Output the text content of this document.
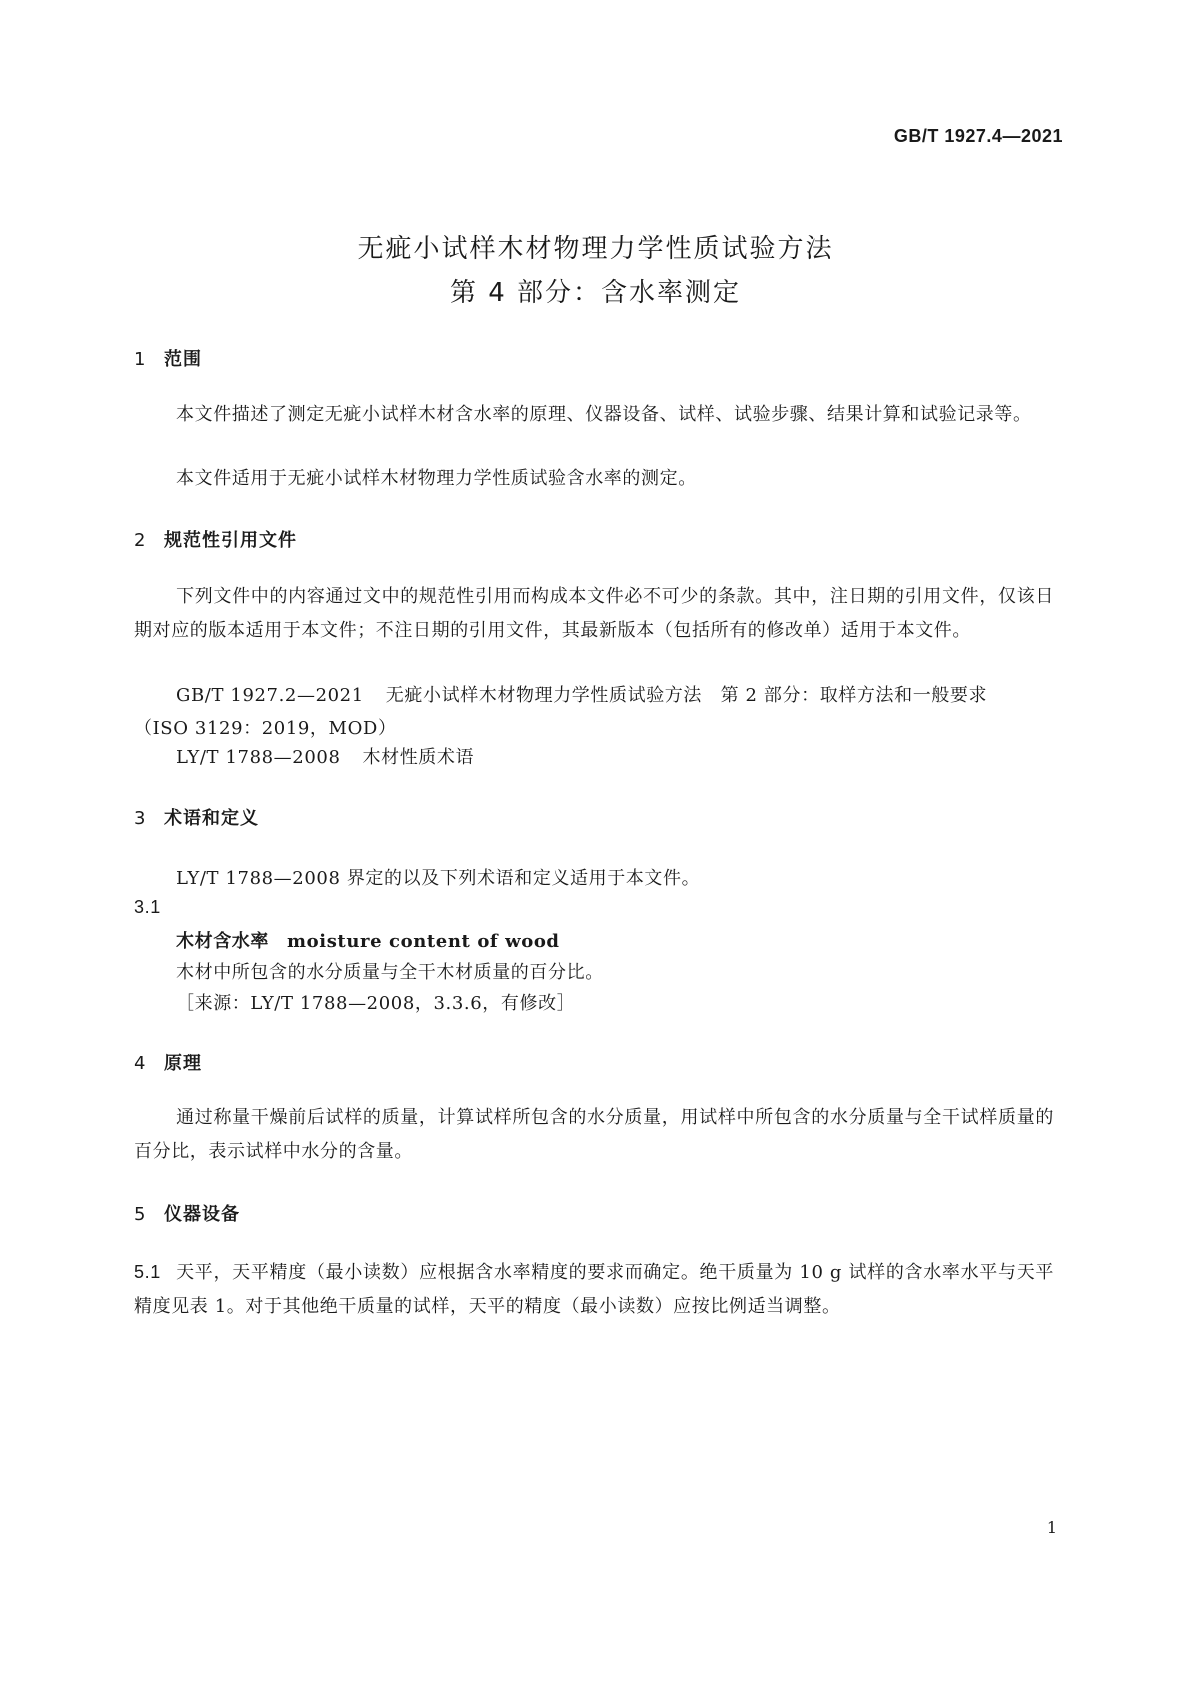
GB/T 1927.4—2021
无疵小试样木材物理力学性质试验方法
第 4 部分：含水率测定
1 范围
本文件描述了测定无疵小试样木材含水率的原理、仪器设备、试样、试验步骤、结果计算和试验记录等。
本文件适用于无疵小试样木材物理力学性质试验含水率的测定。
2 规范性引用文件
下列文件中的内容通过文中的规范性引用而构成本文件必不可少的条款。其中，注日期的引用文件，仅该日期对应的版本适用于本文件；不注日期的引用文件，其最新版本（包括所有的修改单）适用于本文件。
GB/T 1927.2—2021 无疵小试样木材物理力学性质试验方法　第 2 部分：取样方法和一般要求
（ISO 3129：2019，MOD）
LY/T 1788—2008 木材性质术语
3 术语和定义
LY/T 1788—2008 界定的以及下列术语和定义适用于本文件。
3.1
木材含水率 moisture content of wood
木材中所包含的水分质量与全干木材质量的百分比。
［来源：LY/T 1788—2008，3.3.6，有修改］
4 原理
通过称量干燥前后试样的质量，计算试样所包含的水分质量，用试样中所包含的水分质量与全干试样质量的百分比，表示试样中水分的含量。
5 仪器设备
5.1 天平，天平精度（最小读数）应根据含水率精度的要求而确定。绝干质量为 10 g 试样的含水率水平与天平精度见表 1。对于其他绝干质量的试样，天平的精度（最小读数）应按比例适当调整。
1
